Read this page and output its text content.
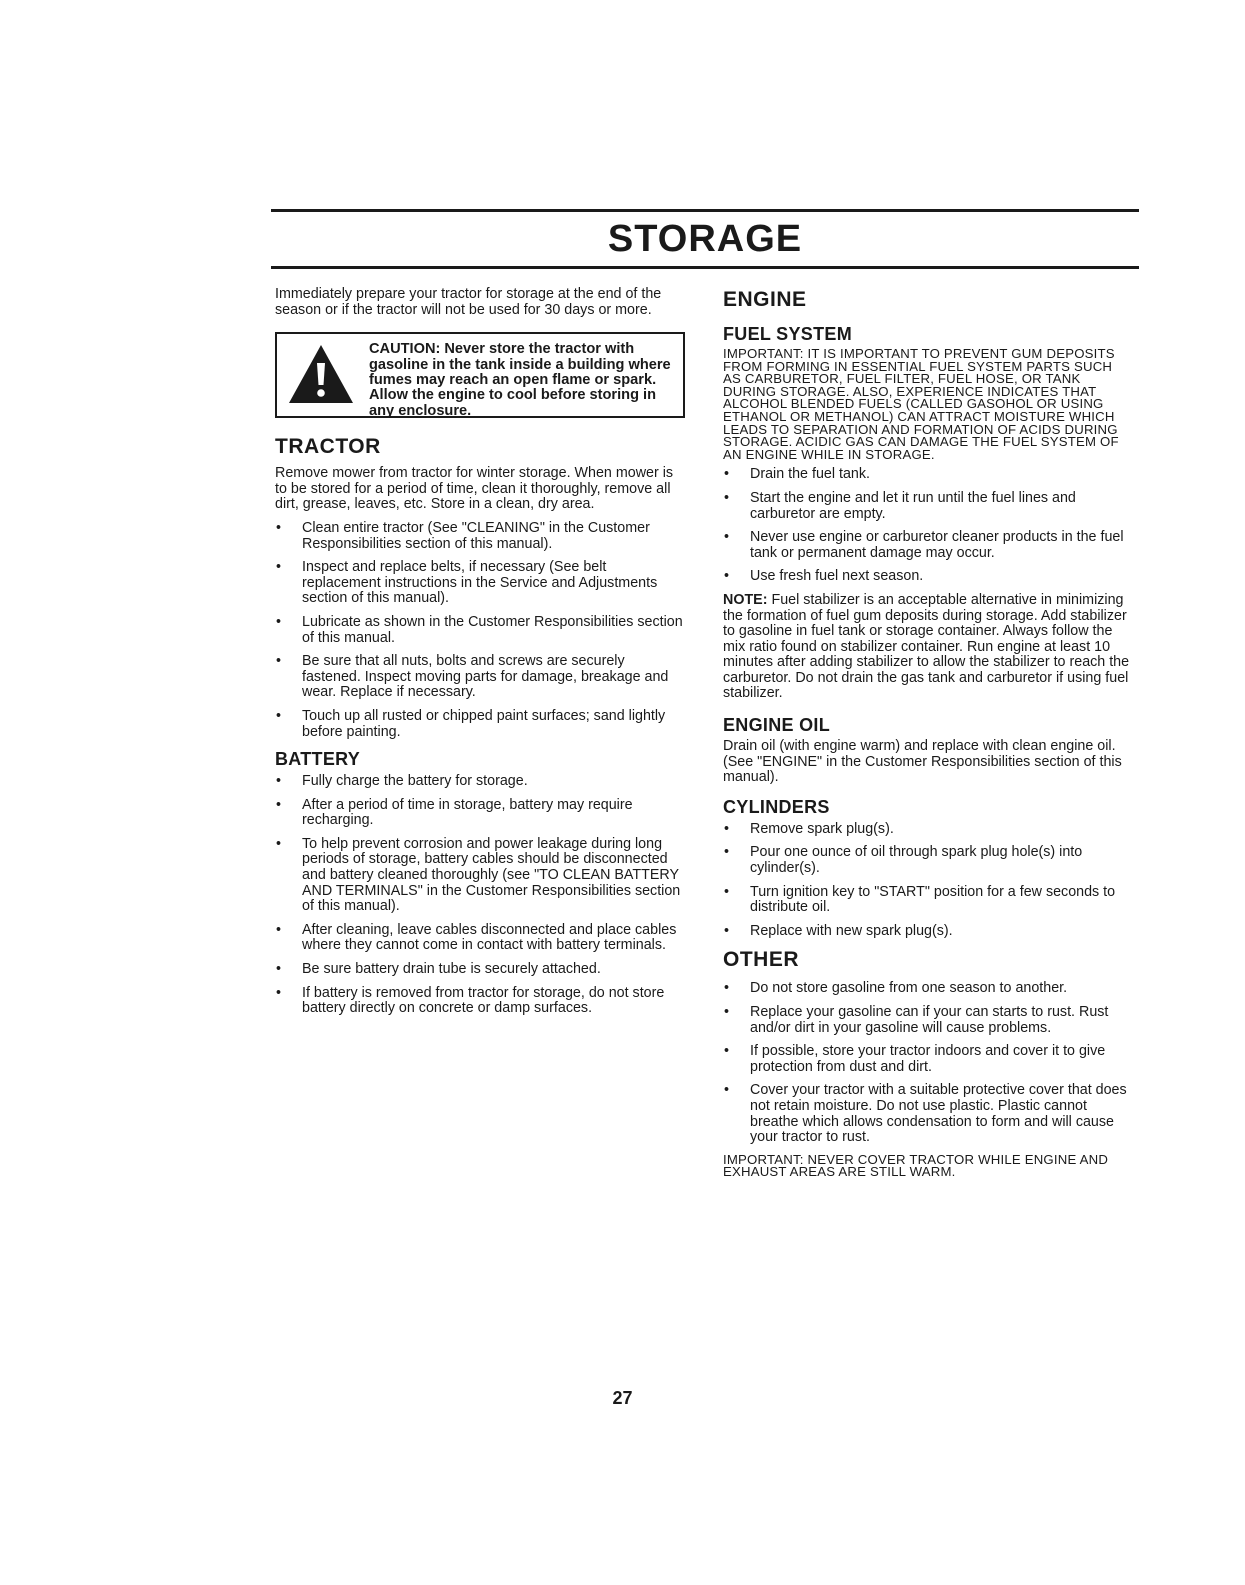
STORAGE

Immediately prepare your tractor for storage at the end of the season or if the tractor will not be used for 30 days or more.

CAUTION: Never store the tractor with gasoline in the tank inside a building where fumes may reach an open flame or spark. Allow the engine to cool before storing in any enclosure.
TRACTOR

Remove mower from tractor for winter storage. When mower is to be stored for a period of time, clean it thoroughly, remove all dirt, grease, leaves, etc. Store in a clean, dry area.

• Clean entire tractor (See "CLEANING" in the Customer Responsibilities section of this manual).
• Inspect and replace belts, if necessary (See belt replacement instructions in the Service and Adjustments section of this manual).
• Lubricate as shown in the Customer Responsibilities section of this manual.
• Be sure that all nuts, bolts and screws are securely fastened. Inspect moving parts for damage, breakage and wear. Replace if necessary.
• Touch up all rusted or chipped paint surfaces; sand lightly before painting.
BATTERY
• Fully charge the battery for storage.
• After a period of time in storage, battery may require recharging.
• To help prevent corrosion and power leakage during long periods of storage, battery cables should be disconnected and battery cleaned thoroughly (see "TO CLEAN BATTERY AND TERMINALS" in the Customer Responsibilities section of this manual).
• After cleaning, leave cables disconnected and place cables where they cannot come in contact with battery terminals.
• Be sure battery drain tube is securely attached.
• If battery is removed from tractor for storage, do not store battery directly on concrete or damp surfaces.
ENGINE
FUEL SYSTEM

IMPORTANT: IT IS IMPORTANT TO PREVENT GUM DEPOSITS FROM FORMING IN ESSENTIAL FUEL SYSTEM PARTS SUCH AS CARBURETOR, FUEL FILTER, FUEL HOSE, OR TANK DURING STORAGE. ALSO, EXPERIENCE INDICATES THAT ALCOHOL BLENDED FUELS (CALLED GASOHOL OR USING ETHANOL OR METHANOL) CAN ATTRACT MOISTURE WHICH LEADS TO SEPARATION AND FORMATION OF ACIDS DURING STORAGE. ACIDIC GAS CAN DAMAGE THE FUEL SYSTEM OF AN ENGINE WHILE IN STORAGE.

• Drain the fuel tank.
• Start the engine and let it run until the fuel lines and carburetor are empty.
• Never use engine or carburetor cleaner products in the fuel tank or permanent damage may occur.
• Use fresh fuel next season.

NOTE: Fuel stabilizer is an acceptable alternative in minimizing the formation of fuel gum deposits during storage. Add stabilizer to gasoline in fuel tank or storage container. Always follow the mix ratio found on stabilizer container. Run engine at least 10 minutes after adding stabilizer to allow the stabilizer to reach the carburetor. Do not drain the gas tank and carburetor if using fuel stabilizer.

ENGINE OIL

Drain oil (with engine warm) and replace with clean engine oil. (See "ENGINE" in the Customer Responsibilities section of this manual).

CYLINDERS
• Remove spark plug(s).
• Pour one ounce of oil through spark plug hole(s) into cylinder(s).
• Turn ignition key to "START" position for a few seconds to distribute oil.
• Replace with new spark plug(s).
OTHER
• Do not store gasoline from one season to another.
• Replace your gasoline can if your can starts to rust. Rust and/or dirt in your gasoline will cause problems.
• If possible, store your tractor indoors and cover it to give protection from dust and dirt.
• Cover your tractor with a suitable protective cover that does not retain moisture. Do not use plastic. Plastic cannot breathe which allows condensation to form and will cause your tractor to rust.

IMPORTANT: NEVER COVER TRACTOR WHILE ENGINE AND EXHAUST AREAS ARE STILL WARM.

27
